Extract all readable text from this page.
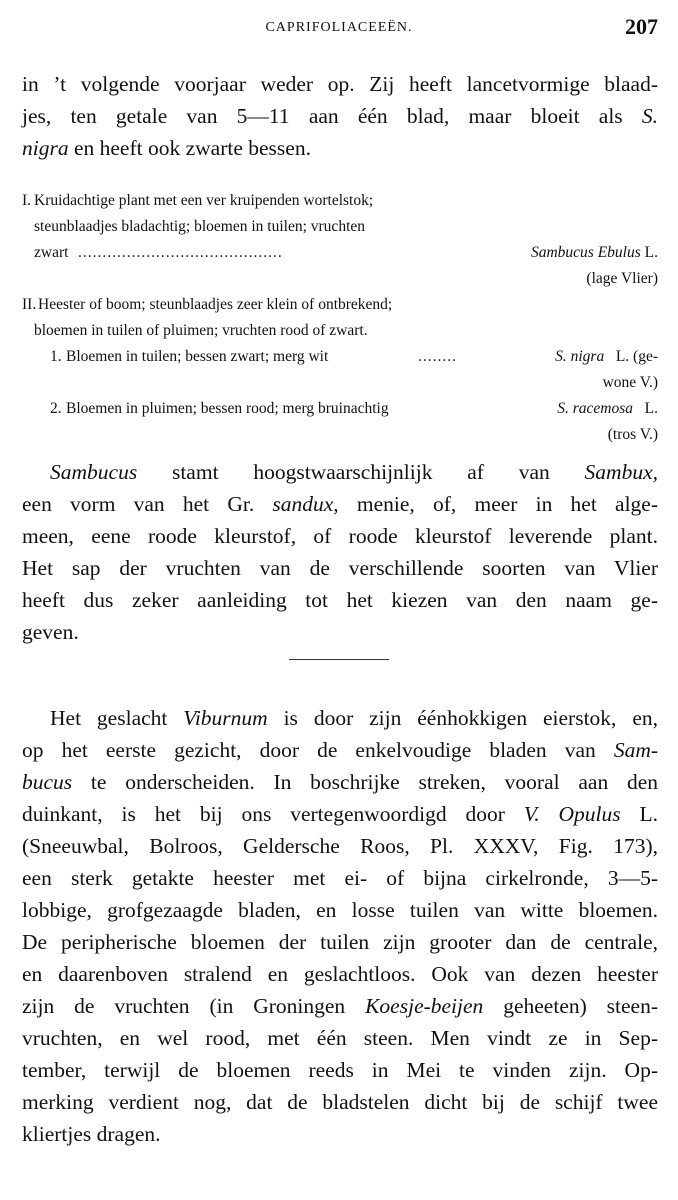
CAPRIFOLIACEEËN.	207
in ’t volgende voorjaar weder op. Zij heeft lancetvormige blaad-
jes, ten getale van 5—11 aan één blad, maar bloeit als S.
nigra en heeft ook zwarte bessen.
I. Kruidachtige plant met een ver kruipenden wortelstok;
steunblaadjes bladachtig; bloemen in tuilen; vruchten
zwart ..........................................	Sambucus Ebulus L.
(lage Vlier)
II. Heester of boom; steunblaadjes zeer klein of ontbrekend;
bloemen in tuilen of pluimen; vruchten rood of zwart.
1. Bloemen in tuilen; bessen zwart; merg wit	........	S. nigra L. (ge-
wone V.)
2. Bloemen in pluimen; bessen rood; merg bruinachtig	S. racemosa L.
(tros V.)
Sambucus stamt hoogstwaarschijnlijk af van Sambux,
een vorm van het Gr. sandux, menie, of, meer in het alge-
meen, eene roode kleurstof, of roode kleurstof leverende plant.
Het sap der vruchten van de verschillende soorten van Vlier
heeft dus zeker aanleiding tot het kiezen van den naam ge-
geven.
Het geslacht Viburnum is door zijn éénhokkigen eierstok, en,
op het eerste gezicht, door de enkelvoudige bladen van Sam-
bucus te onderscheiden. In boschrijke streken, vooral aan den
duinkant, is het bij ons vertegenwoordigd door V. Opulus L.
(Sneeuwbal, Bolroos, Geldersche Roos, Pl. XXXV, Fig. 173),
een sterk getakte heester met ei- of bijna cirkelronde, 3—5-
lobbige, grofgezaagde bladen, en losse tuilen van witte bloemen.
De peripherische bloemen der tuilen zijn grooter dan de centrale,
en daarenboven stralend en geslachtloos. Ook van dezen heester
zijn de vruchten (in Groningen Koesje-beijen geheeten) steen-
vruchten, en wel rood, met één steen. Men vindt ze in Sep-
tember, terwijl de bloemen reeds in Mei te vinden zijn. Op-
merking verdient nog, dat de bladstelen dicht bij de schijf twee
kliertjes dragen.
